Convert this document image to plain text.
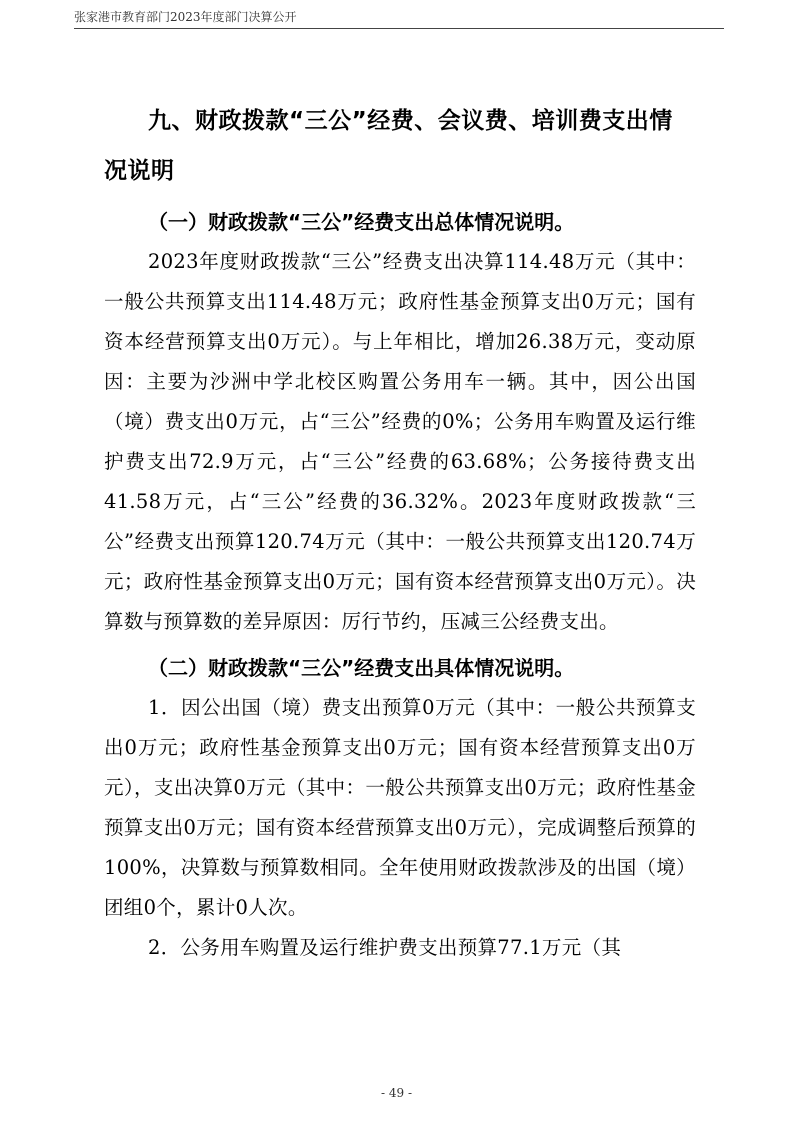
张家港市教育部门2023年度部门决算公开
九、财政拨款“三公”经费、会议费、培训费支出情况说明
（一）财政拨款“三公”经费支出总体情况说明。

2023年度财政拨款“三公”经费支出决算114.48万元（其中：一般公共预算支出114.48万元；政府性基金预算支出0万元；国有资本经营预算支出0万元）。与上年相比，增加26.38万元，变动原因：主要为沙洲中学北校区购置公务用车一辆。其中，因公出国（境）费支出0万元，占“三公”经费的0%；公务用车购置及运行维护费支出72.9万元，占“三公”经费的63.68%；公务接待费支出41.58万元，占“三公”经费的36.32%。2023年度财政拨款“三公”经费支出预算120.74万元（其中：一般公共预算支出120.74万元；政府性基金预算支出0万元；国有资本经营预算支出0万元）。决算数与预算数的差异原因：厉行节约，压减三公经费支出。

（二）财政拨款“三公”经费支出具体情况说明。

1．因公出国（境）费支出预算0万元（其中：一般公共预算支出0万元；政府性基金预算支出0万元；国有资本经营预算支出0万元），支出决算0万元（其中：一般公共预算支出0万元；政府性基金预算支出0万元；国有资本经营预算支出0万元），完成调整后预算的100%，决算数与预算数相同。全年使用财政拨款涉及的出国（境）团组0个，累计0人次。

2．公务用车购置及运行维护费支出预算77.1万元（其

- 49 -
